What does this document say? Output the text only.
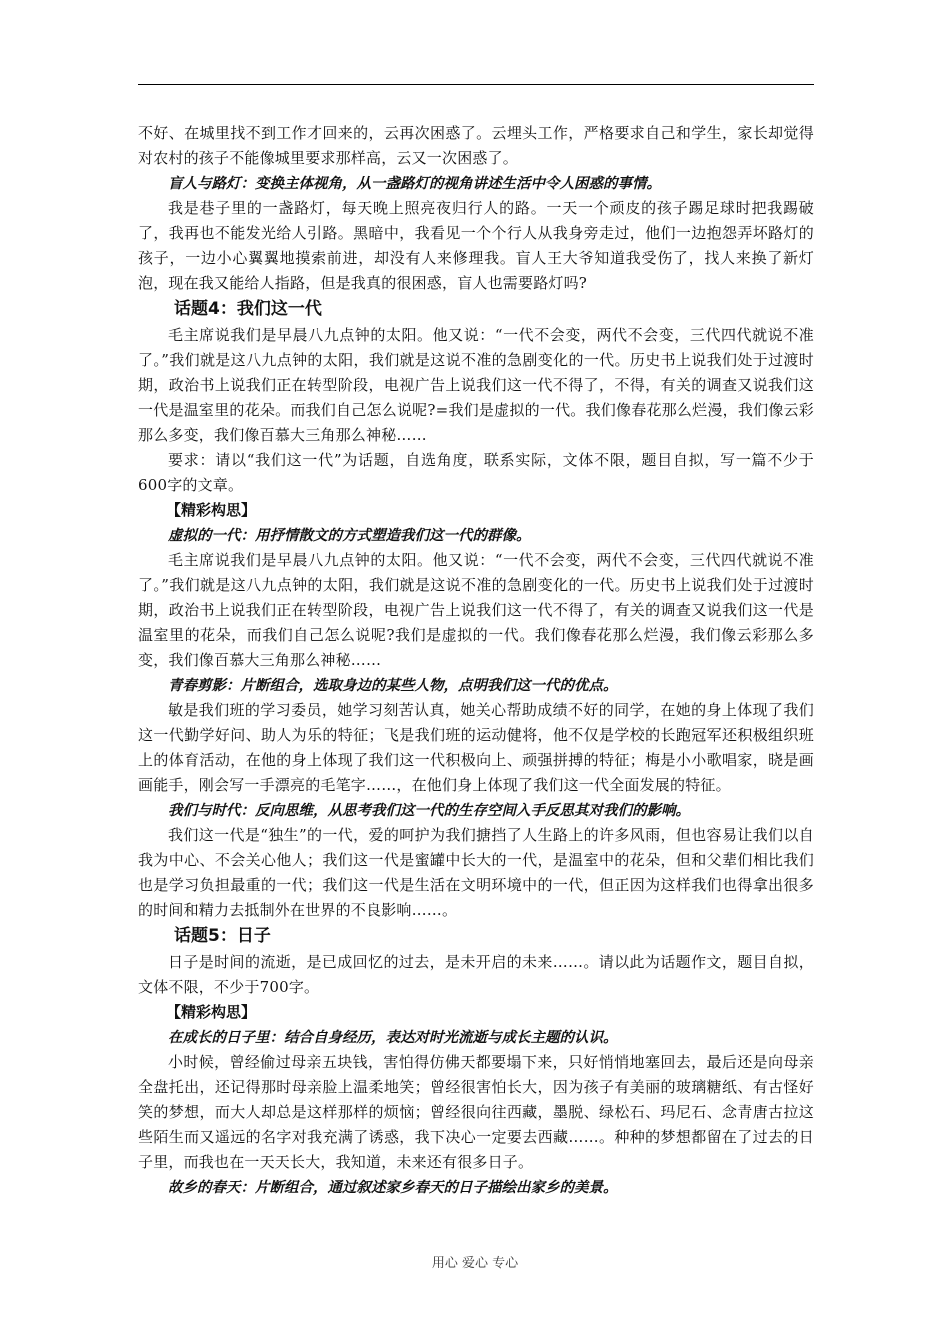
不好、在城里找不到工作才回来的，云再次困惑了。云埋头工作，严格要求自己和学生，家长却觉得对农村的孩子不能像城里要求那样高，云又一次困惑了。

盲人与路灯：变换主体视角，从一盏路灯的视角讲述生活中令人困惑的事情。

我是巷子里的一盏路灯，每天晚上照亮夜归行人的路。一天一个顽皮的孩子踢足球时把我踢破了，我再也不能发光给人引路。黑暗中，我看见一个个行人从我身旁走过，他们一边抱怨弄坏路灯的孩子，一边小心翼翼地摸索前进，却没有人来修理我。盲人王大爷知道我受伤了，找人来换了新灯泡，现在我又能给人指路，但是我真的很困惑，盲人也需要路灯吗?

话题4：我们这一代

毛主席说我们是早晨八九点钟的太阳。他又说：“一代不会变，两代不会变，三代四代就说不准了。”我们就是这八九点钟的太阳，我们就是这说不准的急剧变化的一代。历史书上说我们处于过渡时期，政治书上说我们正在转型阶段，电视广告上说我们这一代不得了，不得，有关的调查又说我们这一代是温室里的花朵。而我们自己怎么说呢?=我们是虚拟的一代。我们像春花那么烂漫，我们像云彩那么多变，我们像百慕大三角那么神秘……

要求：请以“我们这一代”为话题，自选角度，联系实际，文体不限，题目自拟，写一篇不少于600字的文章。

【精彩构思】

虚拟的一代：用抒情散文的方式塑造我们这一代的群像。

毛主席说我们是早晨八九点钟的太阳。他又说：“一代不会变，两代不会变，三代四代就说不准了。”我们就是这八九点钟的太阳，我们就是这说不准的急剧变化的一代。历史书上说我们处于过渡时期，政治书上说我们正在转型阶段，电视广告上说我们这一代不得了，有关的调查又说我们这一代是温室里的花朵，而我们自己怎么说呢?我们是虚拟的一代。我们像春花那么烂漫，我们像云彩那么多变，我们像百慕大三角那么神秘……

青春剪影：片断组合，选取身边的某些人物，点明我们这一代的优点。

敏是我们班的学习委员，她学习刻苦认真，她关心帮助成绩不好的同学，在她的身上体现了我们这一代勤学好问、助人为乐的特征；飞是我们班的运动健将，他不仅是学校的长跑冠军还积极组织班上的体育活动，在他的身上体现了我们这一代积极向上、顽强拼搏的特征；梅是小小歌唱家，晓是画画能手，刚会写一手漂亮的毛笔字……，在他们身上体现了我们这一代全面发展的特征。

我们与时代：反向思维，从思考我们这一代的生存空间入手反思其对我们的影响。

我们这一代是“独生”的一代，爱的呵护为我们搪挡了人生路上的许多风雨，但也容易让我们以自我为中心、不会关心他人；我们这一代是蜜罐中长大的一代，是温室中的花朵，但和父辈们相比我们也是学习负担最重的一代；我们这一代是生活在文明环境中的一代，但正因为这样我们也得拿出很多的时间和精力去抵制外在世界的不良影响……。

话题5：日子

日子是时间的流逝，是已成回忆的过去，是未开启的未来……。请以此为话题作文，题目自拟，文体不限，不少于700字。

【精彩构思】

在成长的日子里：结合自身经历，表达对时光流逝与成长主题的认识。

小时候，曾经偷过母亲五块钱，害怕得仿佛天都要塌下来，只好悄悄地塞回去，最后还是向母亲全盘托出，还记得那时母亲脸上温柔地笑；曾经很害怕长大，因为孩子有美丽的玻璃糖纸、有古怪好笑的梦想，而大人却总是这样那样的烦恼；曾经很向往西藏，墨脱、绿松石、玛尼石、念青唐古拉这些陌生而又遥远的名字对我充满了诱惑，我下决心一定要去西藏……。种种的梦想都留在了过去的日子里，而我也在一天天长大，我知道，未来还有很多日子。

故乡的春天：片断组合，通过叙述家乡春天的日子描绘出家乡的美景。

用心 爱心 专心
